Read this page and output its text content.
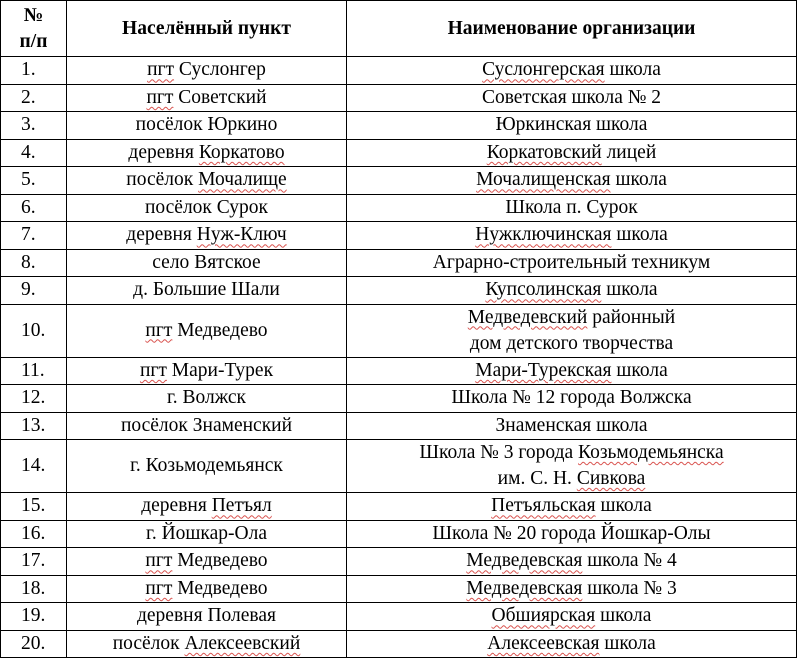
№
п/п	Населённый пункт	Наименование организации
1.	пгт Суслонгер	Суслонгерская школа

2.	пгт Советский	Советская школа № 2

3.	посёлок Юркино	Юркинская школа

4.	деревня Коркатово	Коркатовский лицей

5.	посёлок Мочалище	Мочалищенская школа

6.	посёлок Сурок	Школа п. Сурок

7.	деревня Нуж-Ключ	Нужключинская школа

8.	село Вятское	Аграрно-строительный техникум

9.	д. Большие Шали	Купсолинская школа

10.	пгт Медведево	Медведевский районный
дом детского творчества

11.	пгт Мари-Турек	Мари-Турекская школа

12.	г. Волжск	Школа № 12 города Волжска

13.	посёлок Знаменский	Знаменская школа

14.	г. Козьмодемьянск	Школа № 3 города Козьмодемьянска
им. С. Н. Сивкова

15.	деревня Петъял	Петъяльская школа

16.	г. Йошкар-Ола	Школа № 20 города Йошкар-Олы

17.	пгт Медведево	Медведевская школа № 4

18.	пгт Медведево	Медведевская школа № 3

19.	деревня Полевая	Обшиярская школа

20.	посёлок Алексеевский	Алексеевская школа
